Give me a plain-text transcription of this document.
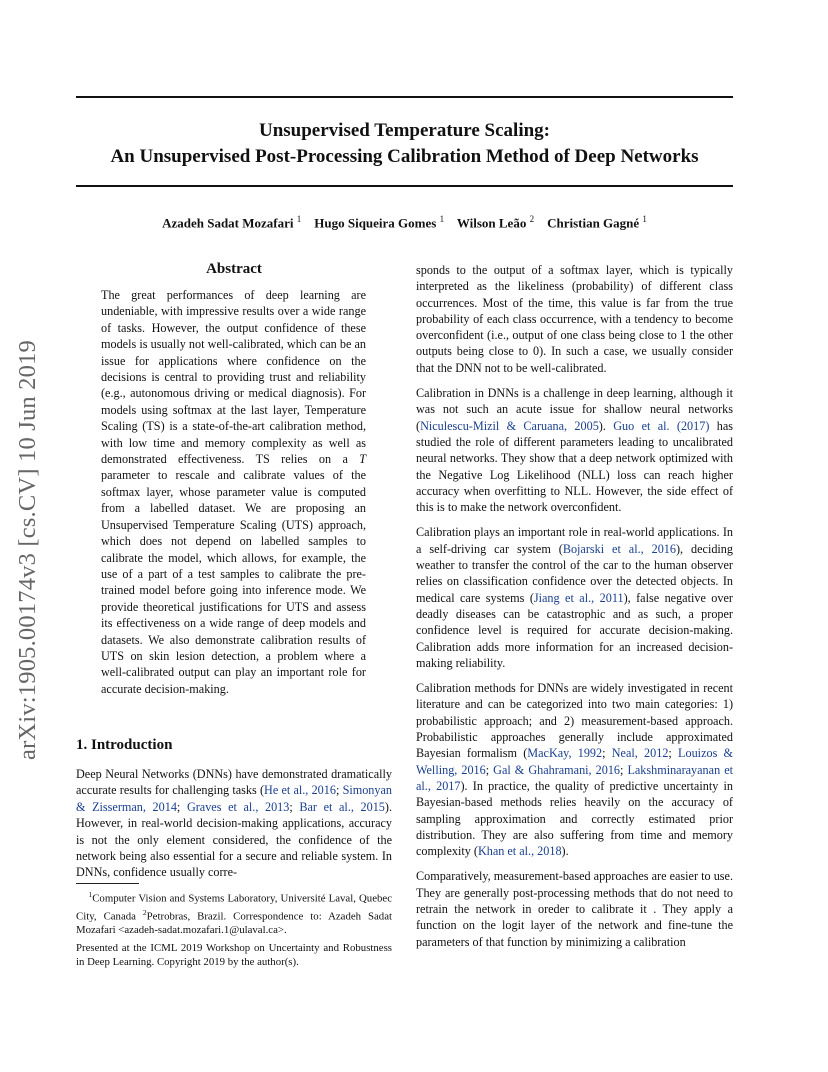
Unsupervised Temperature Scaling:
An Unsupervised Post-Processing Calibration Method of Deep Networks
Azadeh Sadat Mozafari $^1$ Hugo Siqueira Gomes $^1$ Wilson Leão $^2$ Christian Gagné $^1$
arXiv:1905.00174v3 [cs.CV] 10 Jun 2019
Abstract
The great performances of deep learning are undeniable, with impressive results over a wide range of tasks. However, the output confidence of these models is usually not well-calibrated, which can be an issue for applications where confidence on the decisions is central to providing trust and reliability (e.g., autonomous driving or medical diagnosis). For models using softmax at the last layer, Temperature Scaling (TS) is a state-of-the-art calibration method, with low time and memory complexity as well as demonstrated effectiveness. TS relies on a T parameter to rescale and calibrate values of the softmax layer, whose parameter value is computed from a labelled dataset. We are proposing an Unsupervised Temperature Scaling (UTS) approach, which does not depend on labelled samples to calibrate the model, which allows, for example, the use of a part of a test samples to calibrate the pre-trained model before going into inference mode. We provide theoretical justifications for UTS and assess its effectiveness on a wide range of deep models and datasets. We also demonstrate calibration results of UTS on skin lesion detection, a problem where a well-calibrated output can play an important role for accurate decision-making.
1. Introduction
Deep Neural Networks (DNNs) have demonstrated dramatically accurate results for challenging tasks (He et al., 2016; Simonyan & Zisserman, 2014; Graves et al., 2013; Bar et al., 2015). However, in real-world decision-making applications, accuracy is not the only element considered, the confidence of the network being also essential for a secure and reliable system. In DNNs, confidence usually corre-
$^1$Computer Vision and Systems Laboratory, Université Laval, Quebec City, Canada $^2$Petrobras, Brazil. Correspondence to: Azadeh Sadat Mozafari <azadeh-sadat.mozafari.1@ulaval.ca>.
Presented at the ICML 2019 Workshop on Uncertainty and Robustness in Deep Learning. Copyright 2019 by the author(s).

sponds to the output of a softmax layer, which is typically interpreted as the likeliness (probability) of different class occurrences. Most of the time, this value is far from the true probability of each class occurrence, with a tendency to become overconfident (i.e., output of one class being close to 1 the other outputs being close to 0). In such a case, we usually consider that the DNN not to be well-calibrated.

Calibration in DNNs is a challenge in deep learning, although it was not such an acute issue for shallow neural networks (Niculescu-Mizil & Caruana, 2005). Guo et al. (2017) has studied the role of different parameters leading to uncalibrated neural networks. They show that a deep network optimized with the Negative Log Likelihood (NLL) loss can reach higher accuracy when overfitting to NLL. However, the side effect of this is to make the network overconfident.

Calibration plays an important role in real-world applications. In a self-driving car system (Bojarski et al., 2016), deciding weather to transfer the control of the car to the human observer relies on classification confidence over the detected objects. In medical care systems (Jiang et al., 2011), false negative over deadly diseases can be catastrophic and as such, a proper confidence level is required for accurate decision-making. Calibration adds more information for an increased decision-making reliability.

Calibration methods for DNNs are widely investigated in recent literature and can be categorized into two main categories: 1) probabilistic approach; and 2) measurement-based approach. Probabilistic approaches generally include approximated Bayesian formalism (MacKay, 1992; Neal, 2012; Louizos & Welling, 2016; Gal & Ghahramani, 2016; Lakshminarayanan et al., 2017). In practice, the quality of predictive uncertainty in Bayesian-based methods relies heavily on the accuracy of sampling approximation and correctly estimated prior distribution. They are also suffering from time and memory complexity (Khan et al., 2018).

Comparatively, measurement-based approaches are easier to use. They are generally post-processing methods that do not need to retrain the network in oreder to calibrate it . They apply a function on the logit layer of the network and fine-tune the parameters of that function by minimizing a calibration
